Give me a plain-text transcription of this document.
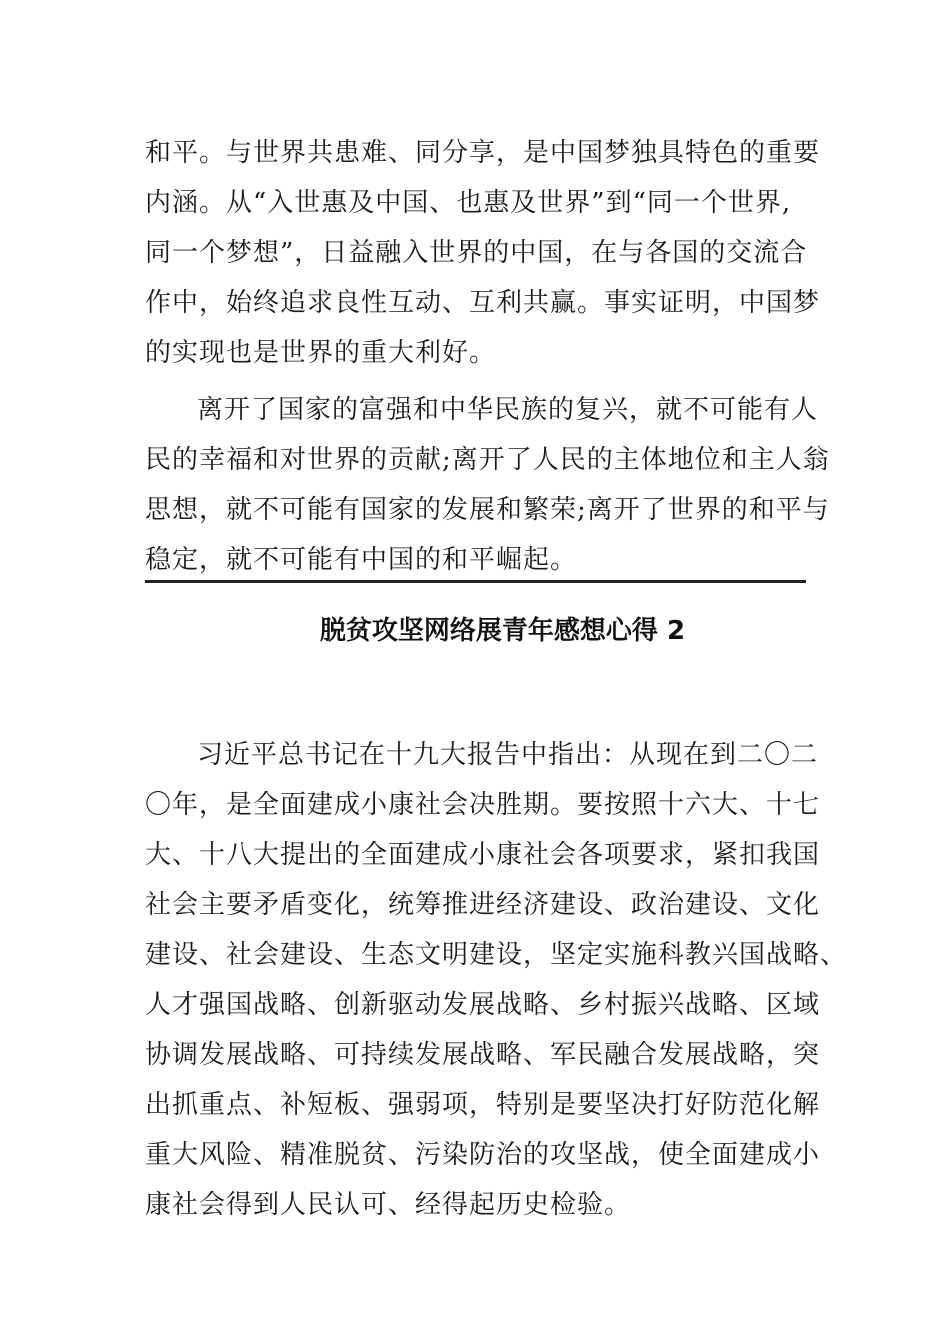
和平。与世界共患难、同分享，是中国梦独具特色的重要
内涵。从“入世惠及中国、也惠及世界”到“同一个世界,
同一个梦想”，日益融入世界的中国，在与各国的交流合
作中，始终追求良性互动、互利共赢。事实证明，中国梦
的实现也是世界的重大利好。
离开了国家的富强和中华民族的复兴，就不可能有人
民的幸福和对世界的贡献;离开了人民的主体地位和主人翁
思想，就不可能有国家的发展和繁荣;离开了世界的和平与
稳定，就不可能有中国的和平崛起。
脱贫攻坚网络展青年感想心得 2
习近平总书记在十九大报告中指出：从现在到二〇二
〇年，是全面建成小康社会决胜期。要按照十六大、十七
大、十八大提出的全面建成小康社会各项要求，紧扣我国
社会主要矛盾变化，统筹推进经济建设、政治建设、文化
建设、社会建设、生态文明建设，坚定实施科教兴国战略、
人才强国战略、创新驱动发展战略、乡村振兴战略、区域
协调发展战略、可持续发展战略、军民融合发展战略，突
出抓重点、补短板、强弱项，特别是要坚决打好防范化解
重大风险、精准脱贫、污染防治的攻坚战，使全面建成小
康社会得到人民认可、经得起历史检验。
